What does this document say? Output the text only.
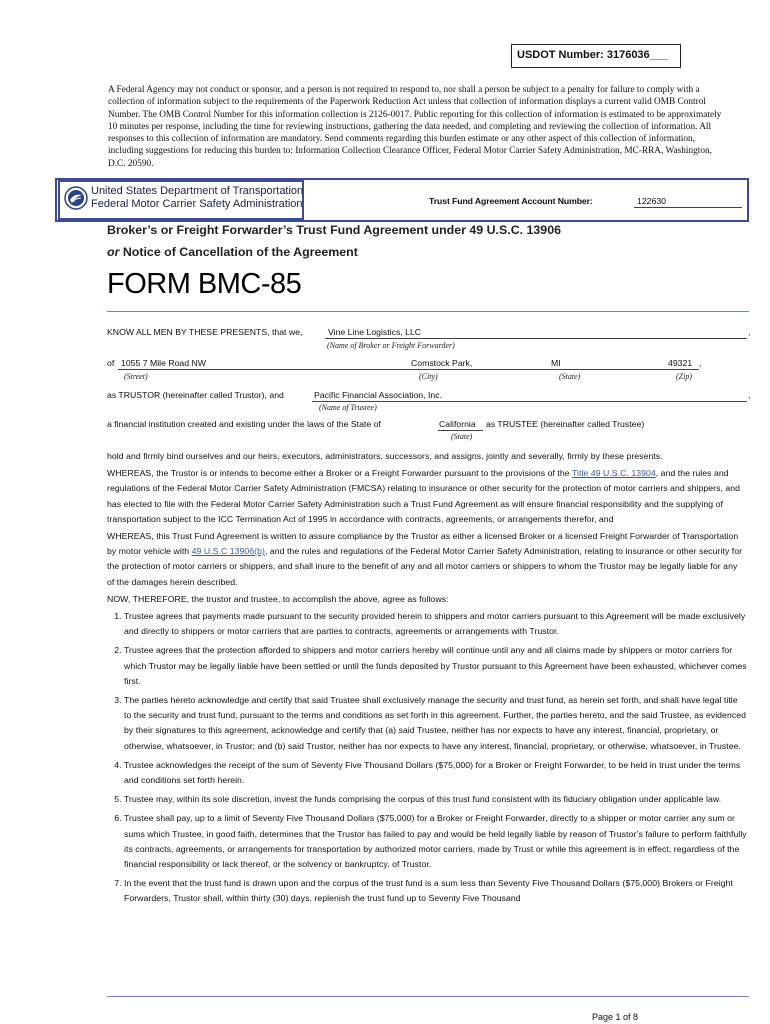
USDOT Number: 3176036___

A Federal Agency may not conduct or sponsor, and a person is not required to respond to, nor shall a person be subject to a penalty for failure to comply with a collection of information subject to the requirements of the Paperwork Reduction Act unless that collection of information displays a current valid OMB Control Number. The OMB Control Number for this information collection is 2126-0017. Public reporting for this collection of information is estimated to be approximately 10 minutes per response, including the time for reviewing instructions, gathering the data needed, and completing and reviewing the collection of information. All responses to this collection of information are mandatory. Send comments regarding this burden estimate or any other aspect of this collection of information, including suggestions for reducing this burden to: Information Collection Clearance Officer, Federal Motor Carrier Safety Administration, MC-RRA, Washington, D.C. 20590.

United States Department of Transportation
Federal Motor Carrier Safety Administration	Trust Fund Agreement Account Number:	122630
Broker’s or Freight Forwarder’s Trust Fund Agreement under 49 U.S.C. 13906
or Notice of Cancellation of the Agreement
FORM BMC-85
KNOW ALL MEN BY THESE PRESENTS, that we,	Vine Line Logistics, LLC	,
(Name of Broker or Freight Forwarder)
of 1055 7 Mile Road NW	Comstock Park,	MI	49321 ,
(Street)	(City)	(State)	(Zip)
as TRUSTOR (hereinafter called Trustor), and	Pacific Financial Association, Inc.	,
(Name of Trustee)
a financial institution created and existing under the laws of the State of	California	as TRUSTEE (hereinafter called Trustee)
(State)

hold and firmly bind ourselves and our heirs, executors, administrators, successors, and assigns, jointly and severally, firmly by these presents.

WHEREAS, the Trustor is or intends to become either a Broker or a Freight Forwarder pursuant to the provisions of the Title 49 U.S.C. 13904, and the rules and regulations of the Federal Motor Carrier Safety Administration (FMCSA) relating to insurance or other security for the protection of motor carriers and shippers, and has elected to file with the Federal Motor Carrier Safety Administration such a Trust Fund Agreement as will ensure financial responsibility and the supplying of transportation subject to the ICC Termination Act of 1995 in accordance with contracts, agreements, or arrangements therefor, and

WHEREAS, this Trust Fund Agreement is written to assure compliance by the Trustor as either a licensed Broker or a licensed Freight Forwarder of Transportation by motor vehicle with 49 U.S.C 13906(b), and the rules and regulations of the Federal Motor Carrier Safety Administration, relating to insurance or other security for the protection of motor carriers or shippers, and shall inure to the benefit of any and all motor carriers or shippers to whom the Trustor may be legally liable for any of the damages herein described.

NOW, THEREFORE, the trustor and trustee, to accomplish the above, agree as follows:

1. Trustee agrees that payments made pursuant to the security provided herein to shippers and motor carriers pursuant to this Agreement will be made exclusively and directly to shippers or motor carriers that are parties to contracts, agreements or arrangements with Trustor.
2. Trustee agrees that the protection afforded to shippers and motor carriers hereby will continue until any and all claims made by shippers or motor carriers for which Trustor may be legally liable have been settled or until the funds deposited by Trustor pursuant to this Agreement have been exhausted, whichever comes first.
3. The parties hereto acknowledge and certify that said Trustee shall exclusively manage the security and trust fund, as herein set forth, and shall have legal title to the security and trust fund, pursuant to the terms and conditions as set forth in this agreement. Further, the parties hereto, and the said Trustee, as evidenced by their signatures to this agreement, acknowledge and certify that (a) said Trustee, neither has nor expects to have any interest, financial, proprietary, or otherwise, whatsoever, in Trustor; and (b) said Trustor, neither has nor expects to have any interest, financial, proprietary, or otherwise, whatsoever, in Trustee.
4. Trustee acknowledges the receipt of the sum of Seventy Five Thousand Dollars ($75,000) for a Broker or Freight Forwarder, to be held in trust under the terms and conditions set forth herein.
5. Trustee may, within its sole discretion, invest the funds comprising the corpus of this trust fund consistent with its fiduciary obligation under applicable law.
6. Trustee shall pay, up to a limit of Seventy Five Thousand Dollars ($75,000) for a Broker or Freight Forwarder, directly to a shipper or motor carrier any sum or sums which Trustee, in good faith, determines that the Trustor has failed to pay and would be held legally liable by reason of Trustor’s failure to perform faithfully its contracts, agreements, or arrangements for transportation by authorized motor carriers, made by Trust or while this agreement is in effect, regardless of the financial responsibility or lack thereof, or the solvency or bankruptcy, of Trustor.
7. In the event that the trust fund is drawn upon and the corpus of the trust fund is a sum less than Seventy Five Thousand Dollars ($75,000) Brokers or Freight Forwarders, Trustor shall, within thirty (30) days, replenish the trust fund up to Seventy Five Thousand
Page 1 of 8
